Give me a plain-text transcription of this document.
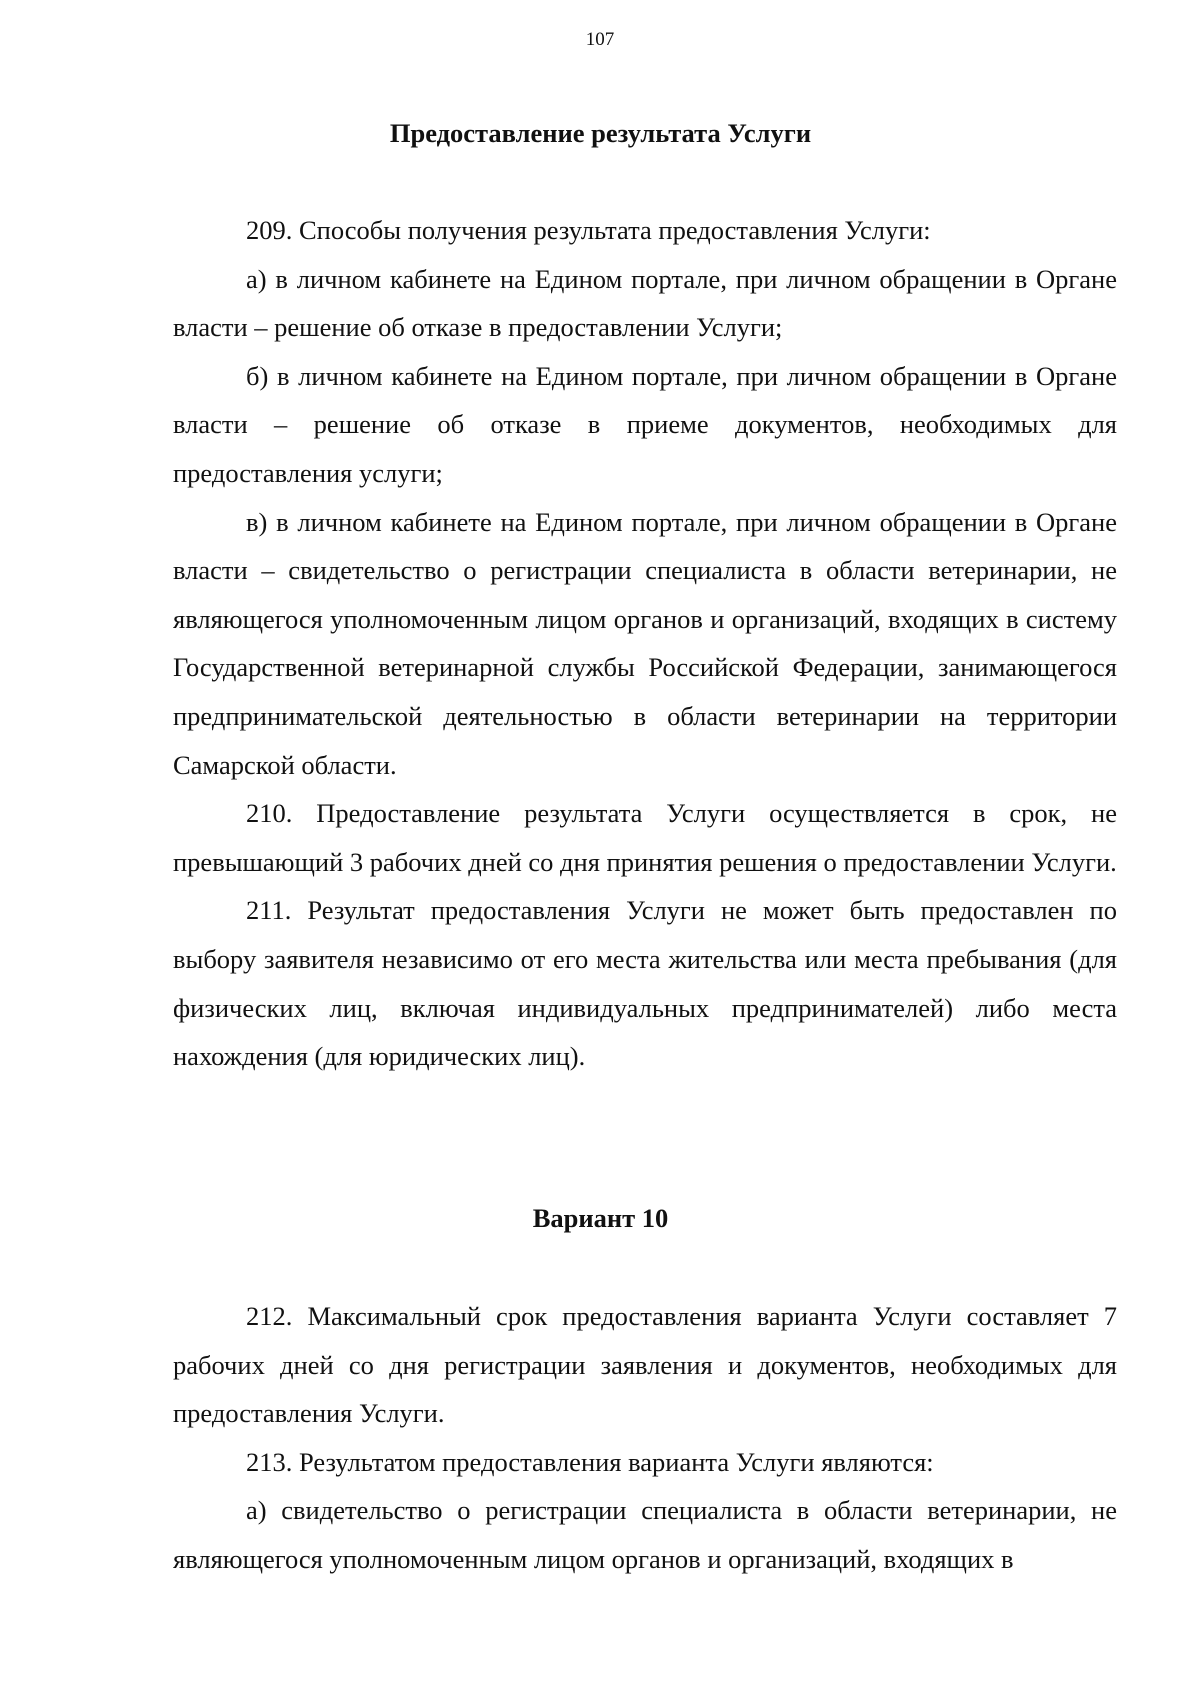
107
Предоставление результата Услуги

209. Способы получения результата предоставления Услуги:

а) в личном кабинете на Едином портале, при личном обращении в Органе власти – решение об отказе в предоставлении Услуги;

б) в личном кабинете на Едином портале, при личном обращении в Органе власти – решение об отказе в приеме документов, необходимых для предоставления услуги;

в) в личном кабинете на Едином портале, при личном обращении в Органе власти – свидетельство о регистрации специалиста в области ветеринарии, не являющегося уполномоченным лицом органов и организаций, входящих в систему Государственной ветеринарной службы Российской Федерации, занимающегося предпринимательской деятельностью в области ветеринарии на территории Самарской области.

210. Предоставление результата Услуги осуществляется в срок, не превышающий 3 рабочих дней со дня принятия решения о предоставлении Услуги.

211. Результат предоставления Услуги не может быть предоставлен по выбору заявителя независимо от его места жительства или места пребывания (для физических лиц, включая индивидуальных предпринимателей) либо места нахождения (для юридических лиц).

Вариант 10

212. Максимальный срок предоставления варианта Услуги составляет 7 рабочих дней со дня регистрации заявления и документов, необходимых для предоставления Услуги.

213. Результатом предоставления варианта Услуги являются:

а) свидетельство о регистрации специалиста в области ветеринарии, не являющегося уполномоченным лицом органов и организаций, входящих в
